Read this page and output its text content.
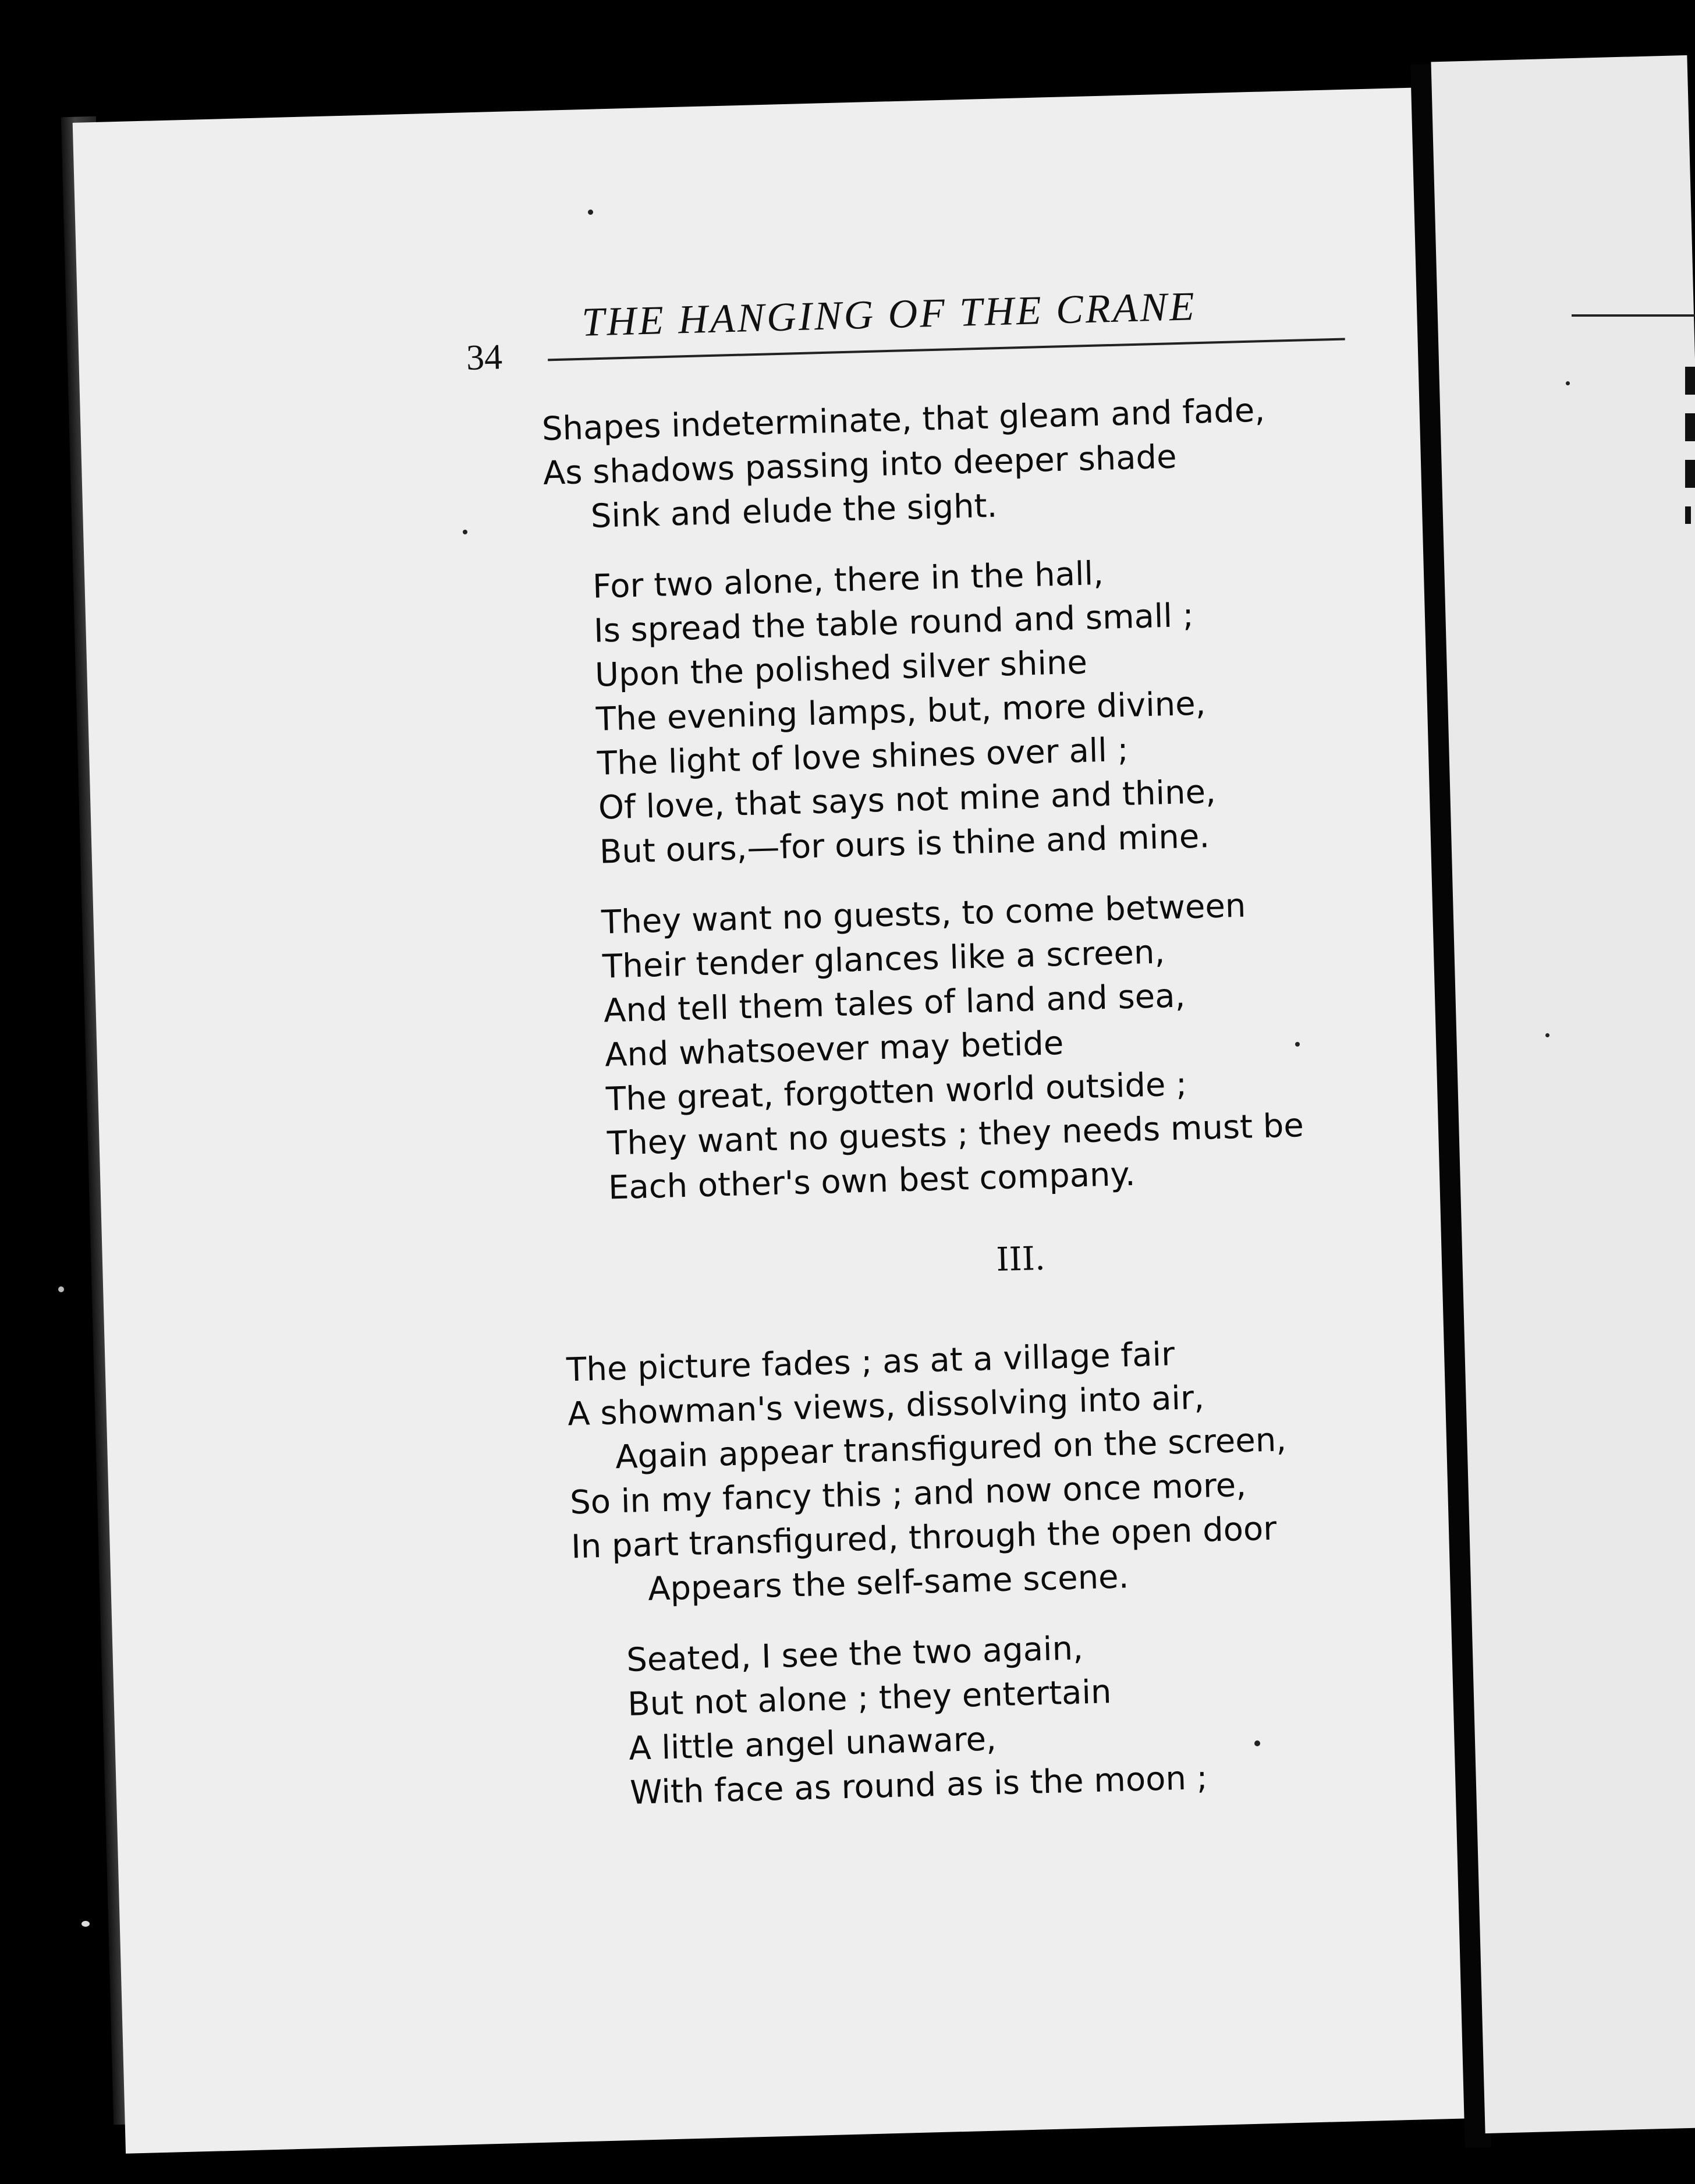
34
THE HANGING OF THE CRANE
Shapes indeterminate, that gleam and fade,
As shadows passing into deeper shade
Sink and elude the sight.
For two alone, there in the hall,
Is spread the table round and small ;
Upon the polished silver shine
The evening lamps, but, more divine,
The light of love shines over all ;
Of love, that says not mine and thine,
But ours,—for ours is thine and mine.
They want no guests, to come between
Their tender glances like a screen,
And tell them tales of land and sea,
And whatsoever may betide
The great, forgotten world outside ;
They want no guests ; they needs must be
Each other's own best company.
III.
The picture fades ; as at a village fair
A showman's views, dissolving into air,
Again appear transfigured on the screen,
So in my fancy this ; and now once more,
In part transfigured, through the open door
Appears the self-same scene.
Seated, I see the two again,
But not alone ; they entertain
A little angel unaware,
With face as round as is the moon ;
